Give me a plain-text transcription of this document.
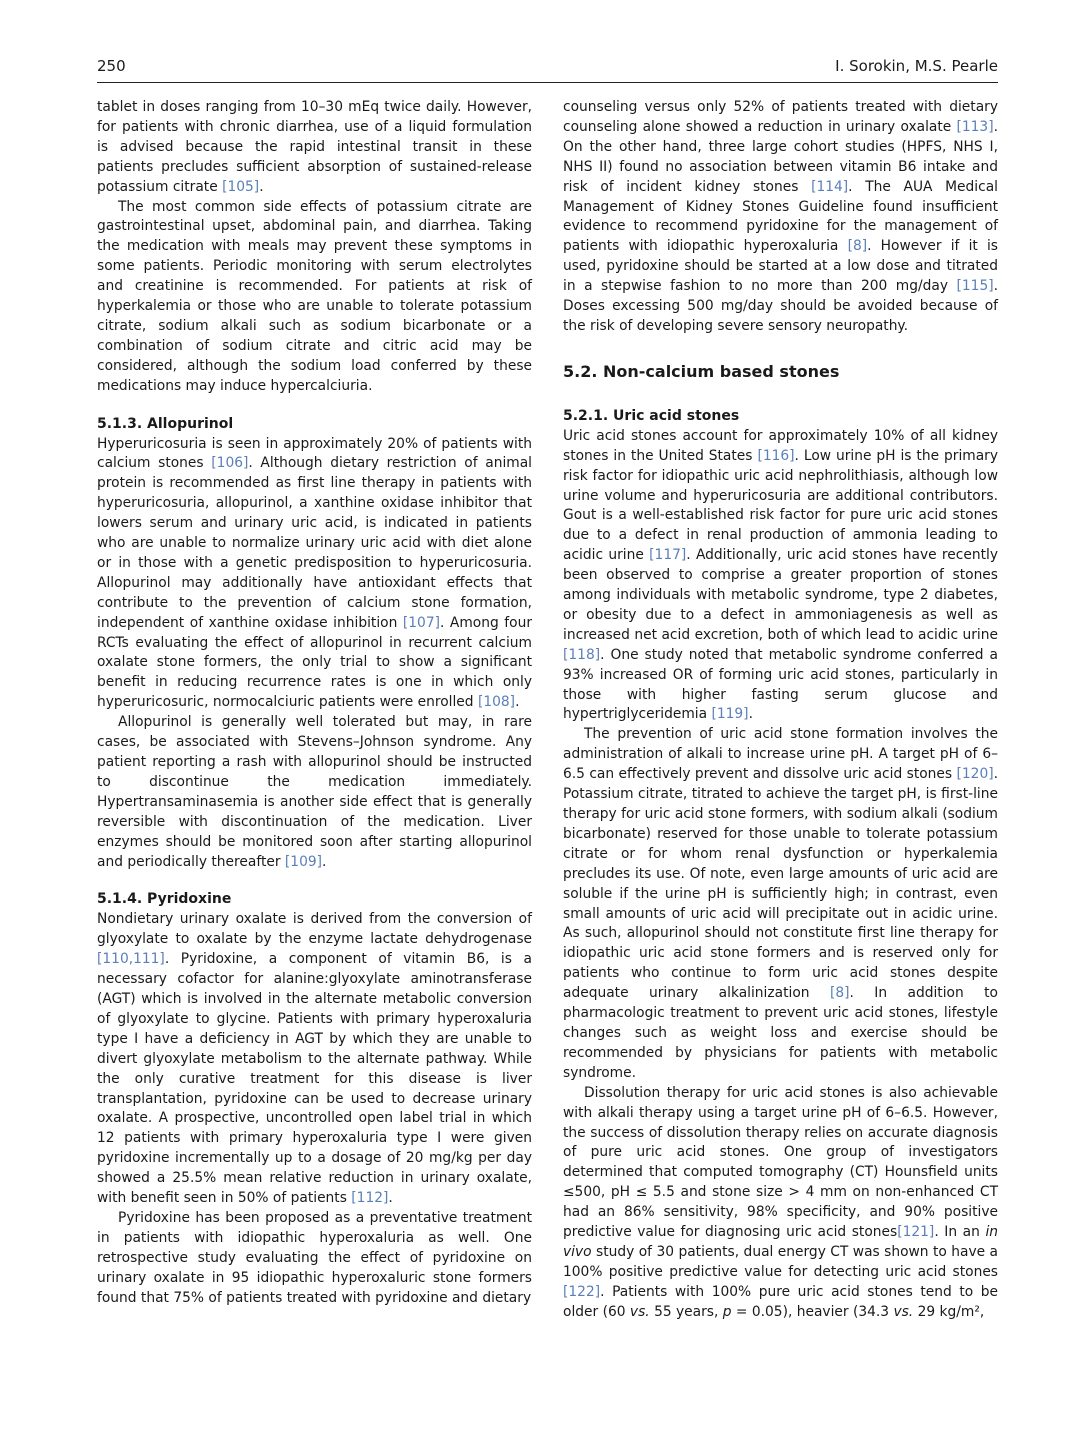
250	I. Sorokin, M.S. Pearle

tablet in doses ranging from 10–30 mEq twice daily. However, for patients with chronic diarrhea, use of a liquid formulation is advised because the rapid intestinal transit in these patients precludes sufficient absorption of sustained-release potassium citrate [105].

The most common side effects of potassium citrate are gastrointestinal upset, abdominal pain, and diarrhea. Taking the medication with meals may prevent these symptoms in some patients. Periodic monitoring with serum electrolytes and creatinine is recommended. For patients at risk of hyperkalemia or those who are unable to tolerate potassium citrate, sodium alkali such as sodium bicarbonate or a combination of sodium citrate and citric acid may be considered, although the sodium load conferred by these medications may induce hypercalciuria.

5.1.3. Allopurinol

Hyperuricosuria is seen in approximately 20% of patients with calcium stones [106]. Although dietary restriction of animal protein is recommended as first line therapy in patients with hyperuricosuria, allopurinol, a xanthine oxidase inhibitor that lowers serum and urinary uric acid, is indicated in patients who are unable to normalize urinary uric acid with diet alone or in those with a genetic predisposition to hyperuricosuria. Allopurinol may additionally have antioxidant effects that contribute to the prevention of calcium stone formation, independent of xanthine oxidase inhibition [107]. Among four RCTs evaluating the effect of allopurinol in recurrent calcium oxalate stone formers, the only trial to show a significant benefit in reducing recurrence rates is one in which only hyperuricosuric, normocalciuric patients were enrolled [108].

Allopurinol is generally well tolerated but may, in rare cases, be associated with Stevens–Johnson syndrome. Any patient reporting a rash with allopurinol should be instructed to discontinue the medication immediately. Hypertransaminasemia is another side effect that is generally reversible with discontinuation of the medication. Liver enzymes should be monitored soon after starting allopurinol and periodically thereafter [109].

5.1.4. Pyridoxine

Nondietary urinary oxalate is derived from the conversion of glyoxylate to oxalate by the enzyme lactate dehydrogenase [110,111]. Pyridoxine, a component of vitamin B6, is a necessary cofactor for alanine:glyoxylate aminotransferase (AGT) which is involved in the alternate metabolic conversion of glyoxylate to glycine. Patients with primary hyperoxaluria type I have a deficiency in AGT by which they are unable to divert glyoxylate metabolism to the alternate pathway. While the only curative treatment for this disease is liver transplantation, pyridoxine can be used to decrease urinary oxalate. A prospective, uncontrolled open label trial in which 12 patients with primary hyperoxaluria type I were given pyridoxine incrementally up to a dosage of 20 mg/kg per day showed a 25.5% mean relative reduction in urinary oxalate, with benefit seen in 50% of patients [112].

Pyridoxine has been proposed as a preventative treatment in patients with idiopathic hyperoxaluria as well. One retrospective study evaluating the effect of pyridoxine on urinary oxalate in 95 idiopathic hyperoxaluric stone formers found that 75% of patients treated with pyridoxine and dietary

counseling versus only 52% of patients treated with dietary counseling alone showed a reduction in urinary oxalate [113]. On the other hand, three large cohort studies (HPFS, NHS I, NHS II) found no association between vitamin B6 intake and risk of incident kidney stones [114]. The AUA Medical Management of Kidney Stones Guideline found insufficient evidence to recommend pyridoxine for the management of patients with idiopathic hyperoxaluria [8]. However if it is used, pyridoxine should be started at a low dose and titrated in a stepwise fashion to no more than 200 mg/day [115]. Doses excessing 500 mg/day should be avoided because of the risk of developing severe sensory neuropathy.

5.2. Non-calcium based stones
5.2.1. Uric acid stones

Uric acid stones account for approximately 10% of all kidney stones in the United States [116]. Low urine pH is the primary risk factor for idiopathic uric acid nephrolithiasis, although low urine volume and hyperuricosuria are additional contributors. Gout is a well-established risk factor for pure uric acid stones due to a defect in renal production of ammonia leading to acidic urine [117]. Additionally, uric acid stones have recently been observed to comprise a greater proportion of stones among individuals with metabolic syndrome, type 2 diabetes, or obesity due to a defect in ammoniagenesis as well as increased net acid excretion, both of which lead to acidic urine [118]. One study noted that metabolic syndrome conferred a 93% increased OR of forming uric acid stones, particularly in those with higher fasting serum glucose and hypertriglyceridemia [119].

The prevention of uric acid stone formation involves the administration of alkali to increase urine pH. A target pH of 6–6.5 can effectively prevent and dissolve uric acid stones [120]. Potassium citrate, titrated to achieve the target pH, is first-line therapy for uric acid stone formers, with sodium alkali (sodium bicarbonate) reserved for those unable to tolerate potassium citrate or for whom renal dysfunction or hyperkalemia precludes its use. Of note, even large amounts of uric acid are soluble if the urine pH is sufficiently high; in contrast, even small amounts of uric acid will precipitate out in acidic urine. As such, allopurinol should not constitute first line therapy for idiopathic uric acid stone formers and is reserved only for patients who continue to form uric acid stones despite adequate urinary alkalinization [8]. In addition to pharmacologic treatment to prevent uric acid stones, lifestyle changes such as weight loss and exercise should be recommended by physicians for patients with metabolic syndrome.

Dissolution therapy for uric acid stones is also achievable with alkali therapy using a target urine pH of 6–6.5. However, the success of dissolution therapy relies on accurate diagnosis of pure uric acid stones. One group of investigators determined that computed tomography (CT) Hounsfield units ≤500, pH ≤ 5.5 and stone size > 4 mm on non-enhanced CT had an 86% sensitivity, 98% specificity, and 90% positive predictive value for diagnosing uric acid stones[121]. In an in vivo study of 30 patients, dual energy CT was shown to have a 100% positive predictive value for detecting uric acid stones [122]. Patients with 100% pure uric acid stones tend to be older (60 vs. 55 years, p = 0.05), heavier (34.3 vs. 29 kg/m²,
